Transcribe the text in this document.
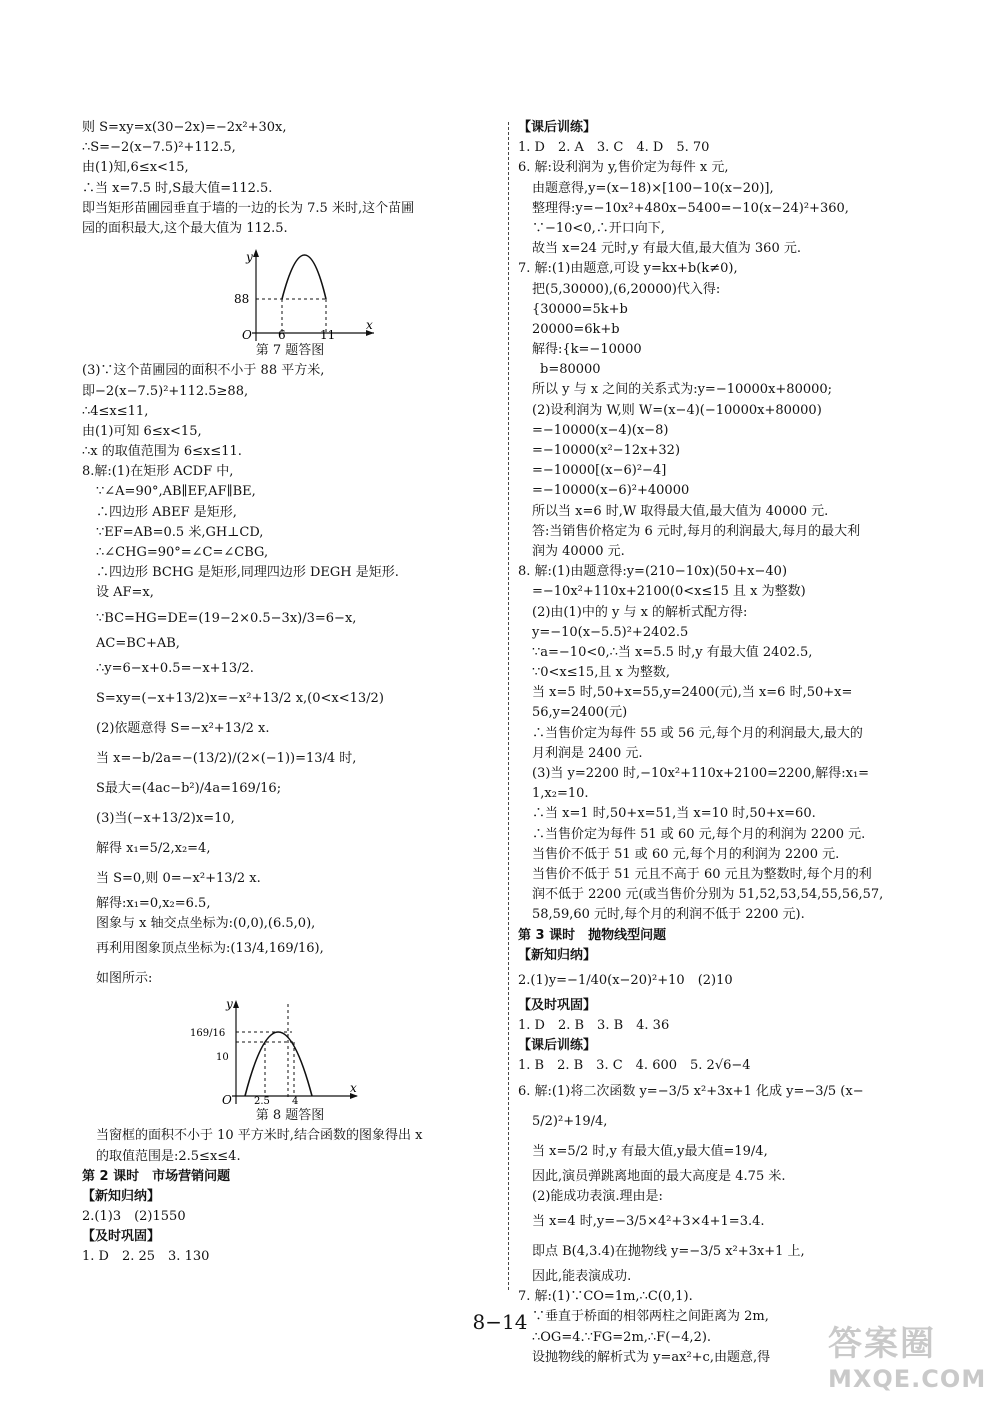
则 S=xy=x(30−2x)=−2x²+30x,
∴S=−2(x−7.5)²+112.5,
由(1)知,6≤x<15,
∴当 x=7.5 时,S最大值=112.5.
即当矩形苗圃园垂直于墙的一边的长为 7.5 米时,这个苗圃
园的面积最大,这个最大值为 112.5.
y
88
O 6	11
x
第 7 题答图
(3)∵这个苗圃园的面积不小于 88 平方米,
即−2(x−7.5)²+112.5≥88,
∴4≤x≤11,
由(1)可知 6≤x<15,
∴x 的取值范围为 6≤x≤11.
8.解:(1)在矩形 ACDF 中,
∵∠A=90°,AB∥EF,AF∥BE,
∴四边形 ABEF 是矩形,
∵EF=AB=0.5 米,GH⊥CD,
∴∠CHG=90°=∠C=∠CBG,
∴四边形 BCHG 是矩形,同理四边形 DEGH 是矩形.
设 AF=x,
∵BC=HG=DE=(19−2×0.5−3x)/3=6−x,
AC=BC+AB,
∴y=6−x+0.5=−x+13/2.
S=xy=(−x+13/2)x=−x²+13/2 x,(0<x<13/2)
(2)依题意得 S=−x²+13/2 x.
当 x=−b/2a=−(13/2)/(2×(−1))=13/4 时,
S最大=(4ac−b²)/4a=169/16;
(3)当(−x+13/2)x=10,
解得 x₁=5/2,x₂=4,
当 S=0,则 0=−x²+13/2 x.
解得:x₁=0,x₂=6.5,
图象与 x 轴交点坐标为:(0,0),(6.5,0),
再利用图象顶点坐标为:(13/4,169/16),
如图所示:
y
169/16
10
O 2.5 4
x
第 8 题答图
当窗框的面积不小于 10 平方米时,结合函数的图象得出 x
的取值范围是:2.5≤x≤4.
第 2 课时　市场营销问题
【新知归纳】
2.(1)3　(2)1550
【及时巩固】
1. D　2. 25　3. 130
【课后训练】
1. D　2. A　3. C　4. D　5. 70
6. 解:设利润为 y,售价定为每件 x 元,
由题意得,y=(x−18)×[100−10(x−20)],
整理得:y=−10x²+480x−5400=−10(x−24)²+360,
∵−10<0,∴开口向下,
故当 x=24 元时,y 有最大值,最大值为 360 元.
7. 解:(1)由题意,可设 y=kx+b(k≠0),
把(5,30000),(6,20000)代入得:
{30000=5k+b
20000=6k+b
解得:{k=−10000
b=80000
所以 y 与 x 之间的关系式为:y=−10000x+80000;
(2)设利润为 W,则 W=(x−4)(−10000x+80000)
=−10000(x−4)(x−8)
=−10000(x²−12x+32)
=−10000[(x−6)²−4]
=−10000(x−6)²+40000
所以当 x=6 时,W 取得最大值,最大值为 40000 元.
答:当销售价格定为 6 元时,每月的利润最大,每月的最大利
润为 40000 元.
8. 解:(1)由题意得:y=(210−10x)(50+x−40)
=−10x²+110x+2100(0<x≤15 且 x 为整数)
(2)由(1)中的 y 与 x 的解析式配方得:
y=−10(x−5.5)²+2402.5
∵a=−10<0,∴当 x=5.5 时,y 有最大值 2402.5,
∵0<x≤15,且 x 为整数,
当 x=5 时,50+x=55,y=2400(元),当 x=6 时,50+x=
56,y=2400(元)
∴当售价定为每件 55 或 56 元,每个月的利润最大,最大的
月利润是 2400 元.
(3)当 y=2200 时,−10x²+110x+2100=2200,解得:x₁=
1,x₂=10.
∴当 x=1 时,50+x=51,当 x=10 时,50+x=60.
∴当售价定为每件 51 或 60 元,每个月的利润为 2200 元.
当售价不低于 51 或 60 元,每个月的利润为 2200 元.
当售价不低于 51 元且不高于 60 元且为整数时,每个月的利
润不低于 2200 元(或当售价分别为 51,52,53,54,55,56,57,
58,59,60 元时,每个月的利润不低于 2200 元).
第 3 课时　抛物线型问题
【新知归纳】
2.(1)y=−1/40(x−20)²+10　(2)10
【及时巩固】
1. D　2. B　3. B　4. 36
【课后训练】
1. B　2. B　3. C　4. 600　5. 2√6−4
6. 解:(1)将二次函数 y=−3/5 x²+3x+1 化成 y=−3/5 (x−
5/2)²+19/4,
当 x=5/2 时,y 有最大值,y最大值=19/4,
因此,演员弹跳离地面的最大高度是 4.75 米.
(2)能成功表演.理由是:
当 x=4 时,y=−3/5×4²+3×4+1=3.4.
即点 B(4,3.4)在抛物线 y=−3/5 x²+3x+1 上,
因此,能表演成功.
7. 解:(1)∵CO=1m,∴C(0,1).
∵垂直于桥面的相邻两柱之间距离为 2m,
∴OG=4.∵FG=2m,∴F(−4,2).
设抛物线的解析式为 y=ax²+c,由题意,得
8−14
答案圈
MXQE.COM
